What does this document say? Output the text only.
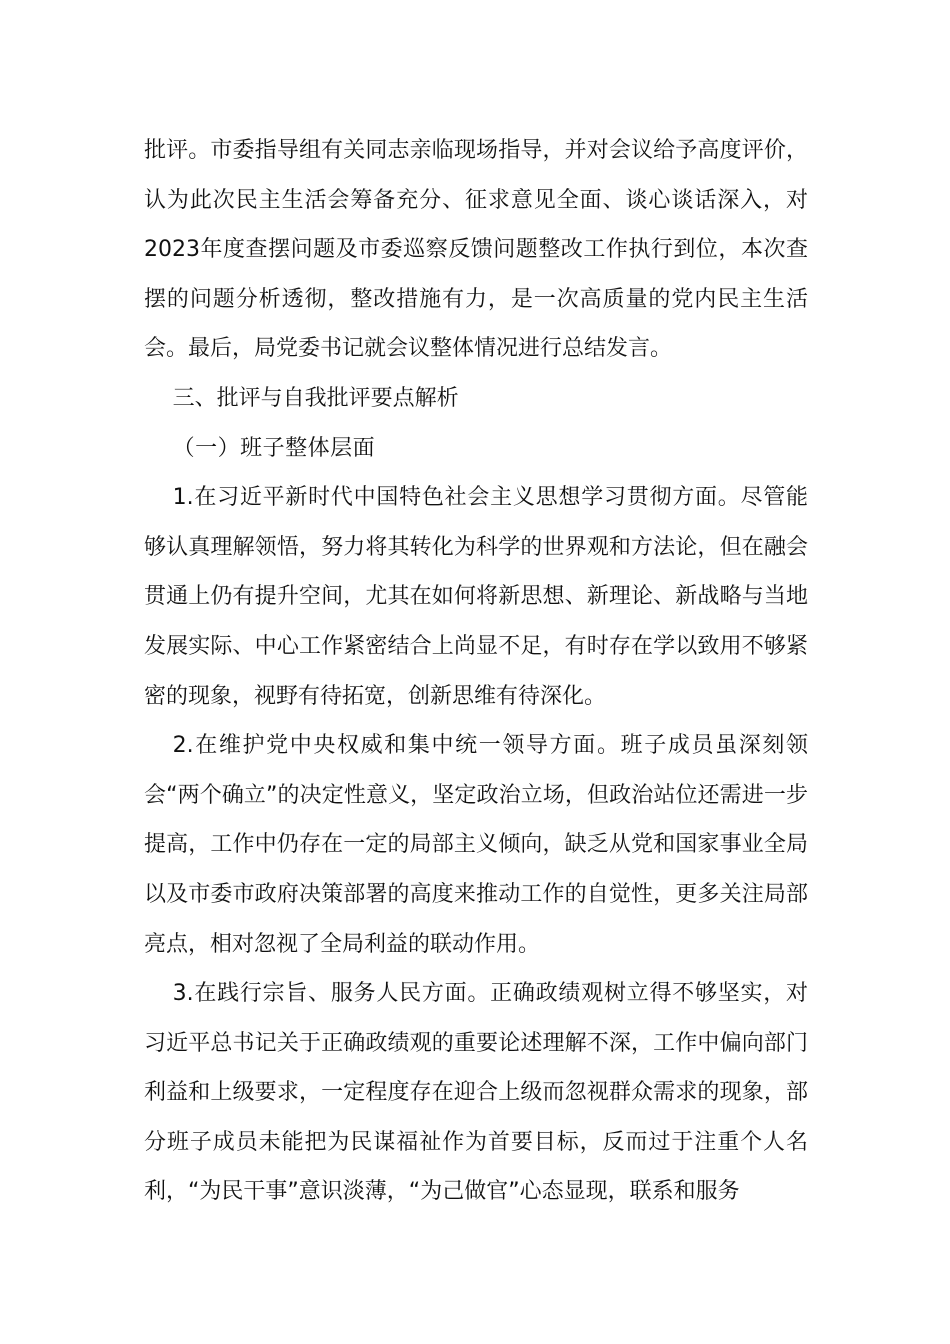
批评。市委指导组有关同志亲临现场指导，并对会议给予高度评价，认为此次民主生活会筹备充分、征求意见全面、谈心谈话深入，对2023年度查摆问题及市委巡察反馈问题整改工作执行到位，本次查摆的问题分析透彻，整改措施有力，是一次高质量的党内民主生活会。最后，局党委书记就会议整体情况进行总结发言。

三、批评与自我批评要点解析

（一）班子整体层面

1.在习近平新时代中国特色社会主义思想学习贯彻方面。尽管能够认真理解领悟，努力将其转化为科学的世界观和方法论，但在融会贯通上仍有提升空间，尤其在如何将新思想、新理论、新战略与当地发展实际、中心工作紧密结合上尚显不足，有时存在学以致用不够紧密的现象，视野有待拓宽，创新思维有待深化。

2.在维护党中央权威和集中统一领导方面。班子成员虽深刻领会“两个确立”的决定性意义，坚定政治立场，但政治站位还需进一步提高，工作中仍存在一定的局部主义倾向，缺乏从党和国家事业全局以及市委市政府决策部署的高度来推动工作的自觉性，更多关注局部亮点，相对忽视了全局利益的联动作用。

3.在践行宗旨、服务人民方面。正确政绩观树立得不够坚实，对习近平总书记关于正确政绩观的重要论述理解不深，工作中偏向部门利益和上级要求，一定程度存在迎合上级而忽视群众需求的现象，部分班子成员未能把为民谋福祉作为首要目标，反而过于注重个人名利，“为民干事”意识淡薄，“为己做官”心态显现，联系和服务
